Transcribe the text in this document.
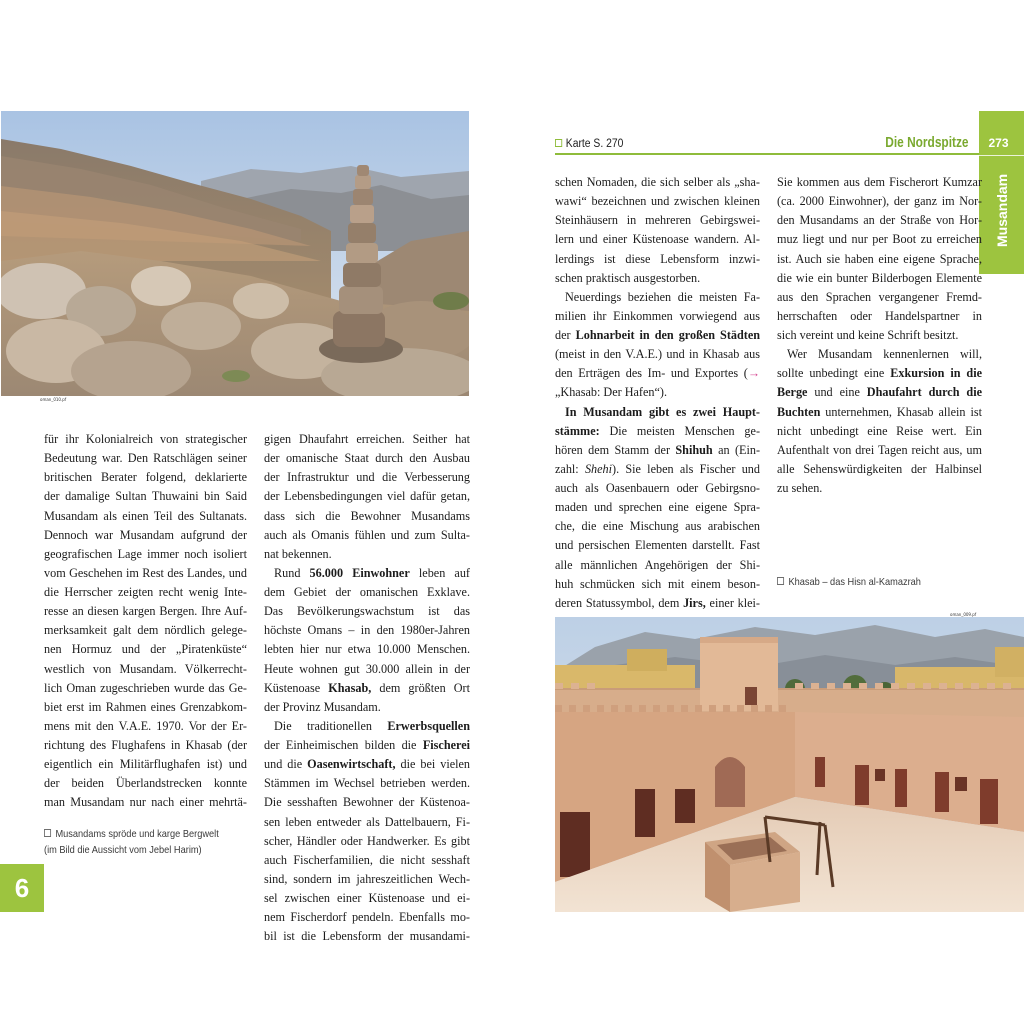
oman_010.pf
für ihr Kolonialreich von strategischer
Bedeutung war. Den Ratschlägen seiner
britischen Berater folgend, deklarierte
der damalige Sultan Thuwaini bin Said
Musandam als einen Teil des Sultanats.
Dennoch war Musandam aufgrund der
geografischen Lage immer noch isoliert
vom Geschehen im Rest des Landes, und
die Herrscher zeigten recht wenig Inte-
resse an diesen kargen Bergen. Ihre Auf-
merksamkeit galt dem nördlich gelege-
nen Hormuz und der „Piratenküste“
westlich von Musandam. Völkerrecht-
lich Oman zugeschrieben wurde das Ge-
biet erst im Rahmen eines Grenzabkom-
mens mit den V.A.E. 1970. Vor der Er-
richtung des Flughafens in Khasab (der
eigentlich ein Militärflughafen ist) und
der beiden Überlandstrecken konnte
man Musandam nur nach einer mehrtä-
gigen Dhaufahrt erreichen. Seither hat
der omanische Staat durch den Ausbau
der Infrastruktur und die Verbesserung
der Lebensbedingungen viel dafür getan,
dass sich die Bewohner Musandams
auch als Omanis fühlen und zum Sulta-
nat bekennen.
Rund 56.000 Einwohner leben auf
dem Gebiet der omanischen Exklave.
Das Bevölkerungswachstum ist das
höchste Omans – in den 1980er-Jahren
lebten hier nur etwa 10.000 Menschen.
Heute wohnen gut 30.000 allein in der
Küstenoase Khasab, dem größten Ort
der Provinz Musandam.
Die traditionellen Erwerbsquellen
der Einheimischen bilden die Fischerei
und die Oasenwirtschaft, die bei vielen
Stämmen im Wechsel betrieben werden.
Die sesshaften Bewohner der Küstenoa-
sen leben entweder als Dattelbauern, Fi-
scher, Händler oder Handwerker. Es gibt
auch Fischerfamilien, die nicht sesshaft
sind, sondern im jahreszeitlichen Wech-
sel zwischen einer Küstenoase und ei-
nem Fischerdorf pendeln. Ebenfalls mo-
bil ist die Lebensform der musandami-
Musandams spröde und karge Bergwelt
(im Bild die Aussicht vom Jebel Harim)
6
Karte S. 270	Die Nordspitze	273
Musandam
schen Nomaden, die sich selber als „sha-
wawi“ bezeichnen und zwischen kleinen
Steinhäusern in mehreren Gebirgswei-
lern und einer Küstenoase wandern. Al-
lerdings ist diese Lebensform inzwi-
schen praktisch ausgestorben.
Neuerdings beziehen die meisten Fa-
milien ihr Einkommen vorwiegend aus
der Lohnarbeit in den großen Städten
(meist in den V.A.E.) und in Khasab aus
den Erträgen des Im- und Exportes (→
„Khasab: Der Hafen“).
In Musandam gibt es zwei Haupt-
stämme: Die meisten Menschen ge-
hören dem Stamm der Shihuh an (Ein-
zahl: Shehi). Sie leben als Fischer und
auch als Oasenbauern oder Gebirgsno-
maden und sprechen eine eigene Spra-
che, die eine Mischung aus arabischen
und persischen Elementen darstellt. Fast
alle männlichen Angehörigen der Shi-
huh schmücken sich mit einem beson-
deren Statussymbol, dem Jirs, einer klei-
Sie kommen aus dem Fischerort Kumzar
(ca. 2000 Einwohner), der ganz im Nor-
den Musandams an der Straße von Hor-
muz liegt und nur per Boot zu erreichen
ist. Auch sie haben eine eigene Sprache,
die wie ein bunter Bilderbogen Elemente
aus den Sprachen vergangener Fremd-
herrschaften oder Handelspartner in
sich vereint und keine Schrift besitzt.
Wer Musandam kennenlernen will,
sollte unbedingt eine Exkursion in die
Berge und eine Dhaufahrt durch die
Buchten unternehmen, Khasab allein ist
nicht unbedingt eine Reise wert. Ein
Aufenthalt von drei Tagen reicht aus, um
alle Sehenswürdigkeiten der Halbinsel
zu sehen.
Khasab – das Hisn al-Kamazrah
oman_009.pf
